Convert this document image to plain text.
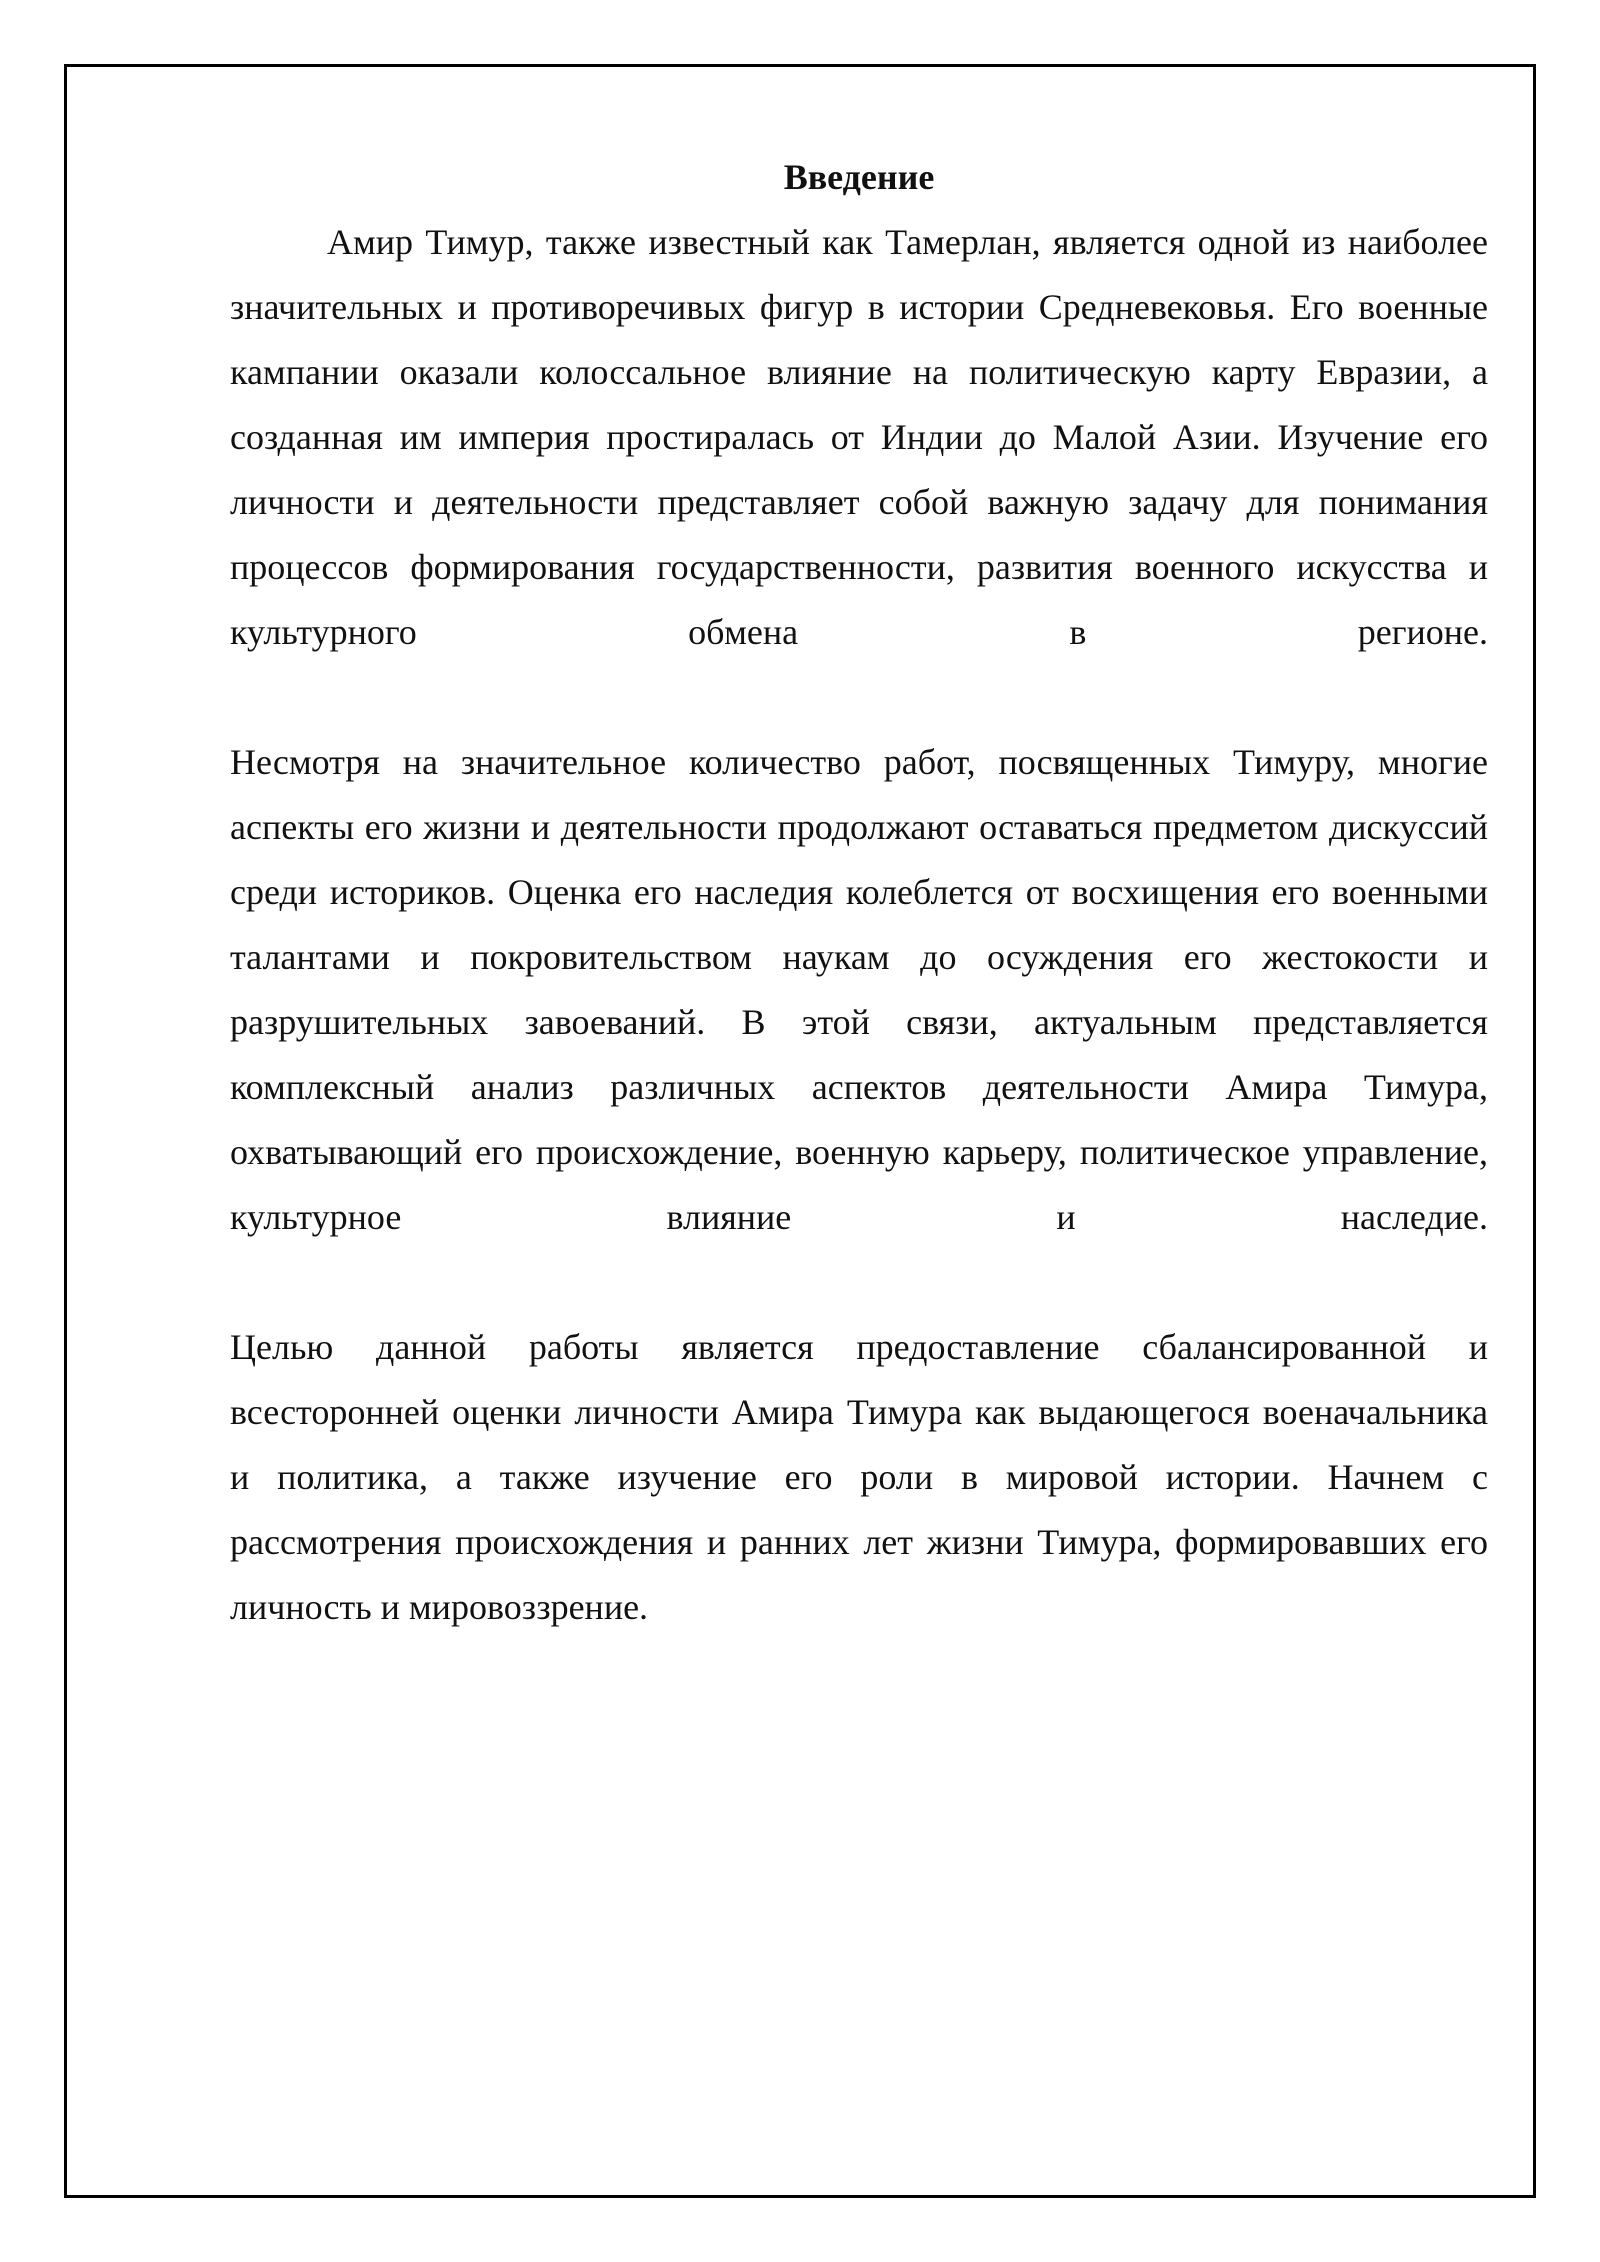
Введение

Амир Тимур, также известный как Тамерлан, является одной из наиболее значительных и противоречивых фигур в истории Средневековья. Его военные кампании оказали колоссальное влияние на политическую карту Евразии, а созданная им империя простиралась от Индии до Малой Азии. Изучение его личности и деятельности представляет собой важную задачу для понимания процессов формирования государственности, развития военного искусства и культурного обмена в регионе.

Несмотря на значительное количество работ, посвященных Тимуру, многие аспекты его жизни и деятельности продолжают оставаться предметом дискуссий среди историков. Оценка его наследия колеблется от восхищения его военными талантами и покровительством наукам до осуждения его жестокости и разрушительных завоеваний. В этой связи, актуальным представляется комплексный анализ различных аспектов деятельности Амира Тимура, охватывающий его происхождение, военную карьеру, политическое управление, культурное влияние и наследие.

Целью данной работы является предоставление сбалансированной и всесторонней оценки личности Амира Тимура как выдающегося военачальника и политика, а также изучение его роли в мировой истории. Начнем с рассмотрения происхождения и ранних лет жизни Тимура, формировавших его личность и мировоззрение.
